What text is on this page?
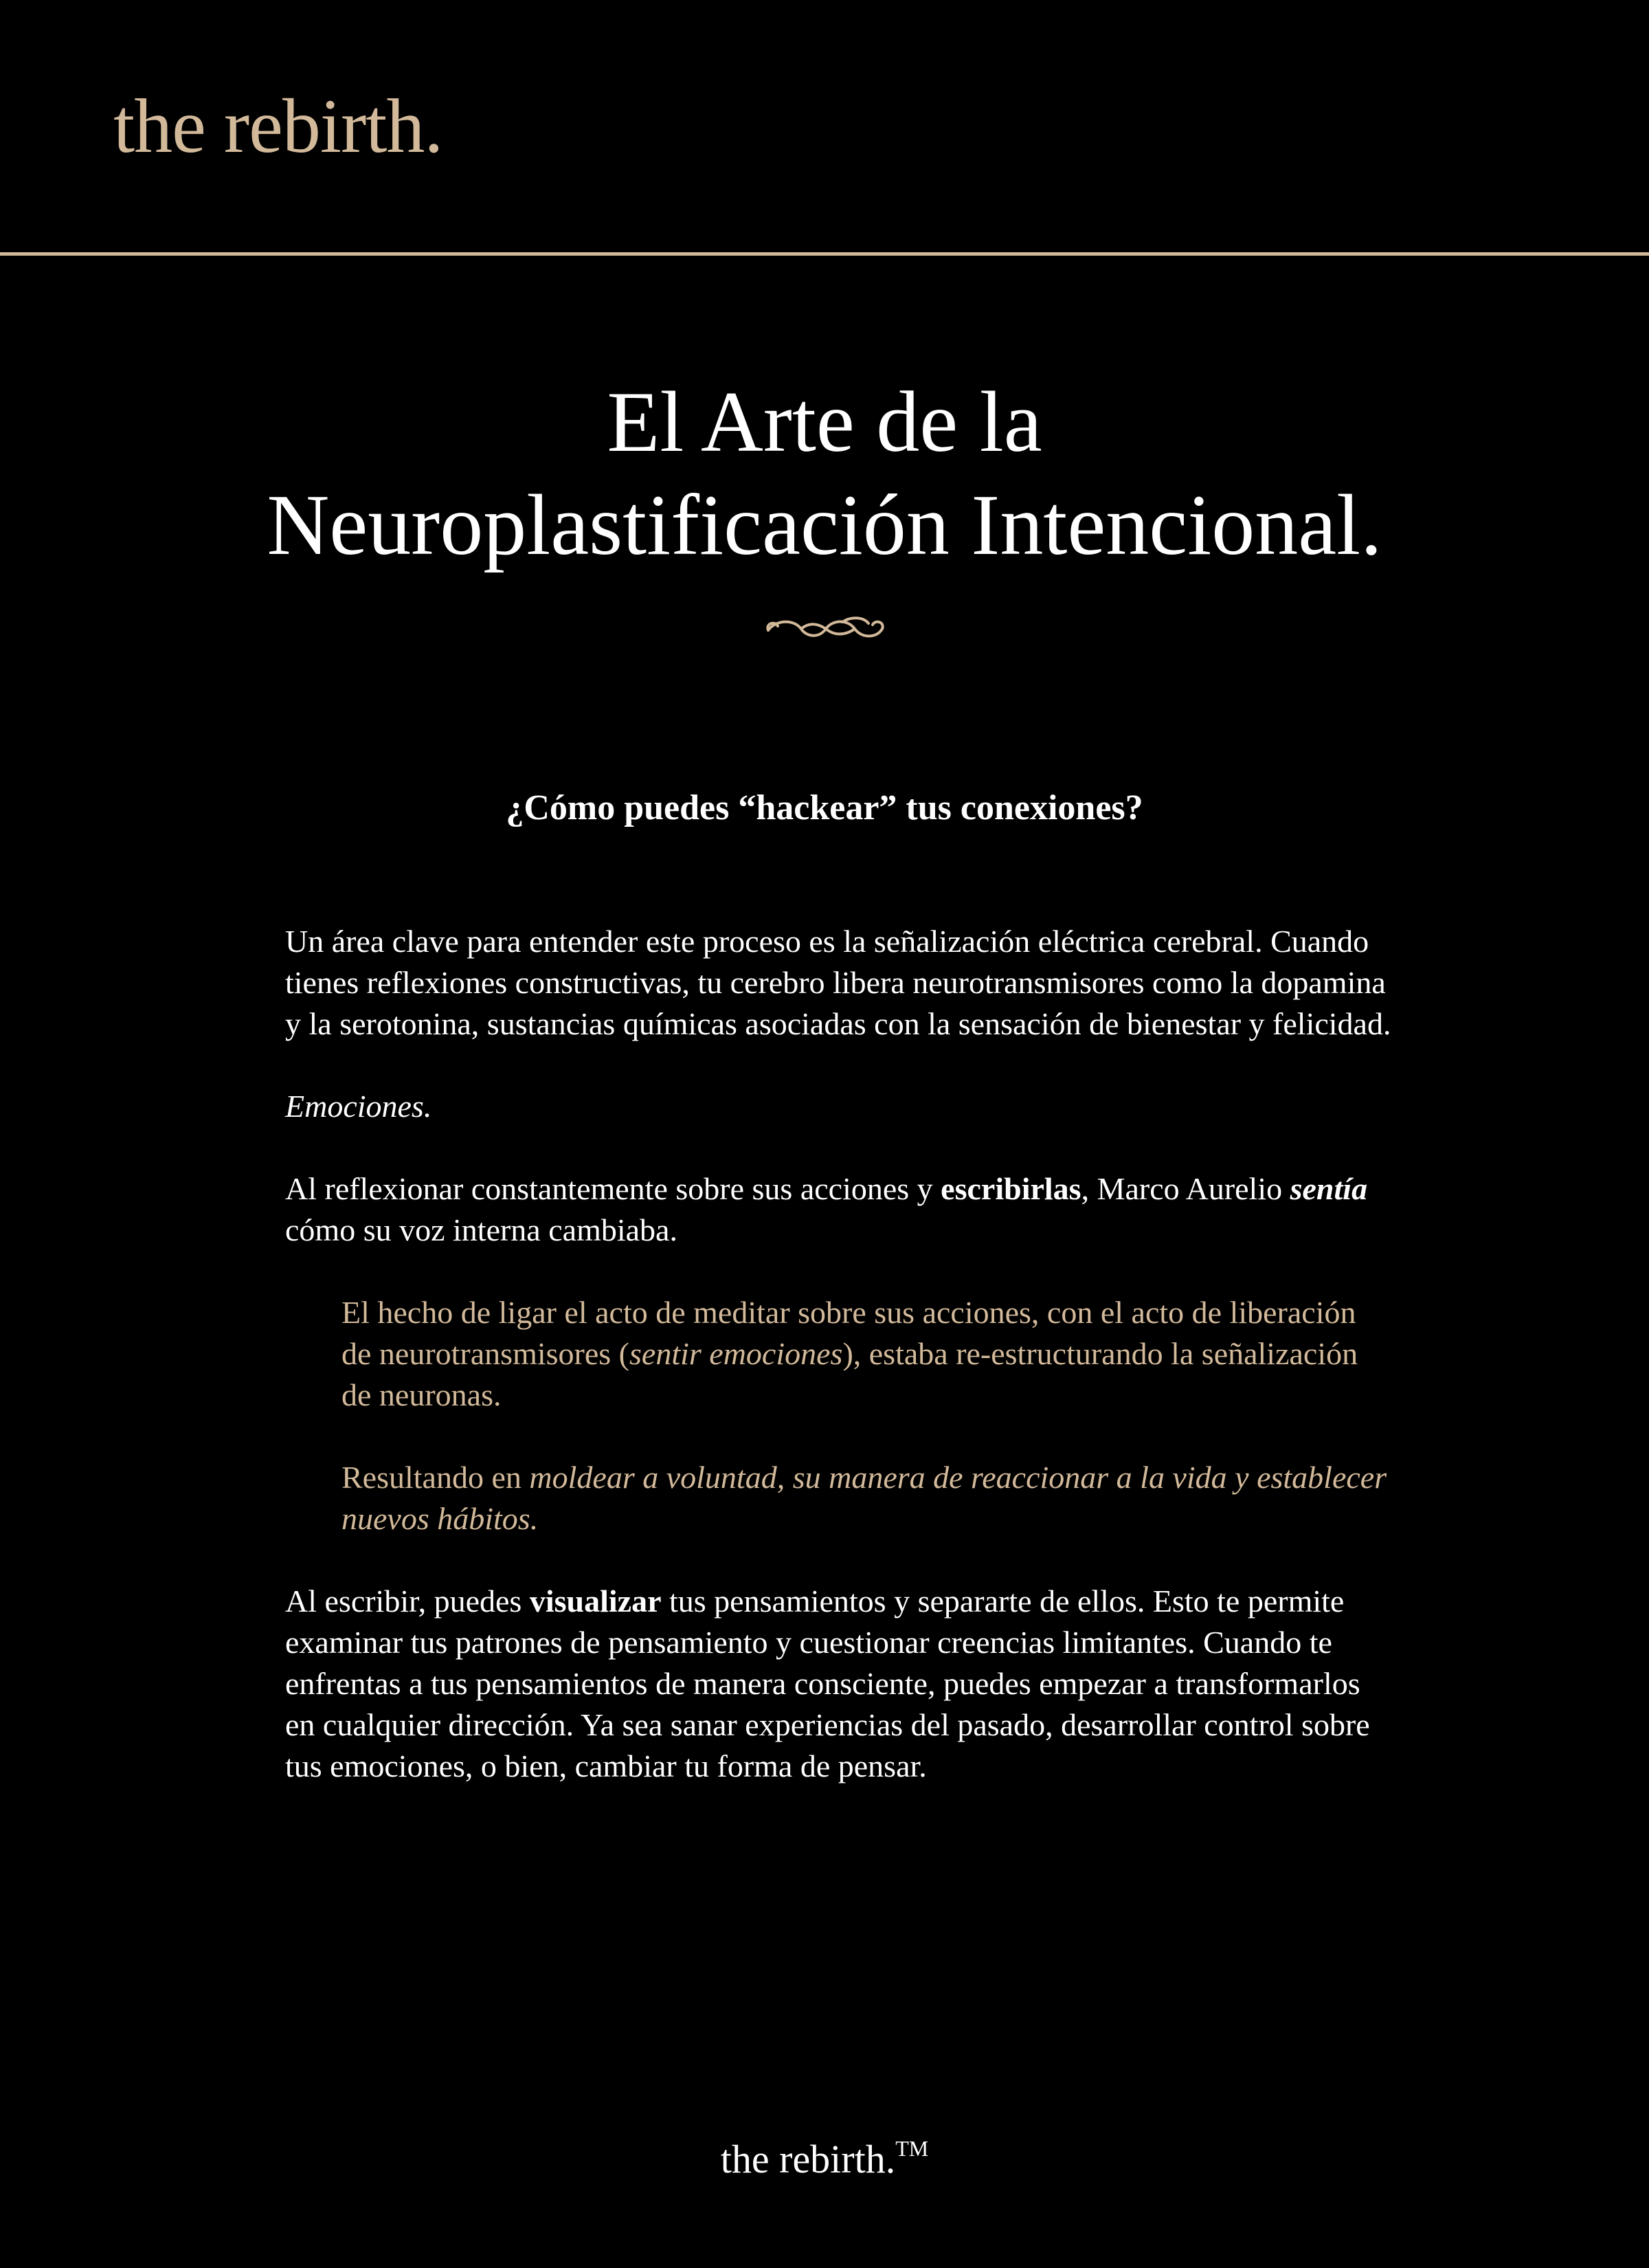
the rebirth.
El Arte de la
Neuroplastificación Intencional.
¿Cómo puedes “hackear” tus conexiones?

Un área clave para entender este proceso es la señalización eléctrica cerebral. Cuando tienes reflexiones constructivas, tu cerebro libera neurotransmisores como la dopamina y la serotonina, sustancias químicas asociadas con la sensación de bienestar y felicidad.

Emociones.

Al reflexionar constantemente sobre sus acciones y escribirlas, Marco Aurelio sentía cómo su voz interna cambiaba.

El hecho de ligar el acto de meditar sobre sus acciones, con el acto de liberación de neurotransmisores (sentir emociones), estaba re-estructurando la señalización de neuronas.

Resultando en moldear a voluntad, su manera de reaccionar a la vida y establecer nuevos hábitos.

Al escribir, puedes visualizar tus pensamientos y separarte de ellos. Esto te permite examinar tus patrones de pensamiento y cuestionar creencias limitantes. Cuando te enfrentas a tus pensamientos de manera consciente, puedes empezar a transformarlos en cualquier dirección. Ya sea sanar experiencias del pasado, desarrollar control sobre tus emociones, o bien, cambiar tu forma de pensar.

the rebirth.™
